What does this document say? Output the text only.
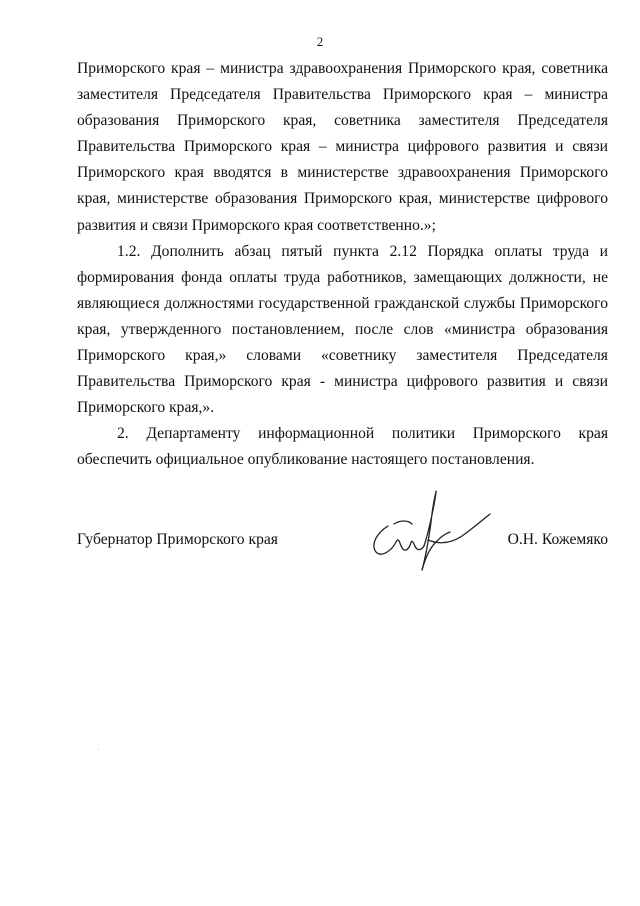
2

Приморского края – министра здравоохранения Приморского края, советника заместителя Председателя Правительства Приморского края – министра образования Приморского края, советника заместителя Председателя Правительства Приморского края – министра цифрового развития и связи Приморского края вводятся в министерстве здравоохранения Приморского края, министерстве образования Приморского края, министерстве цифрового развития и связи Приморского края соответственно.»;

1.2. Дополнить абзац пятый пункта 2.12 Порядка оплаты труда и формирования фонда оплаты труда работников, замещающих должности, не являющиеся должностями государственной гражданской службы Приморского края, утвержденного постановлением, после слов «министра образования Приморского края,» словами «советнику заместителя Председателя Правительства Приморского края - министра цифрового развития и связи Приморского края,».

2. Департаменту информационной политики Приморского края обеспечить официальное опубликование настоящего постановления.

Губернатор Приморского края	О.Н. Кожемяко
